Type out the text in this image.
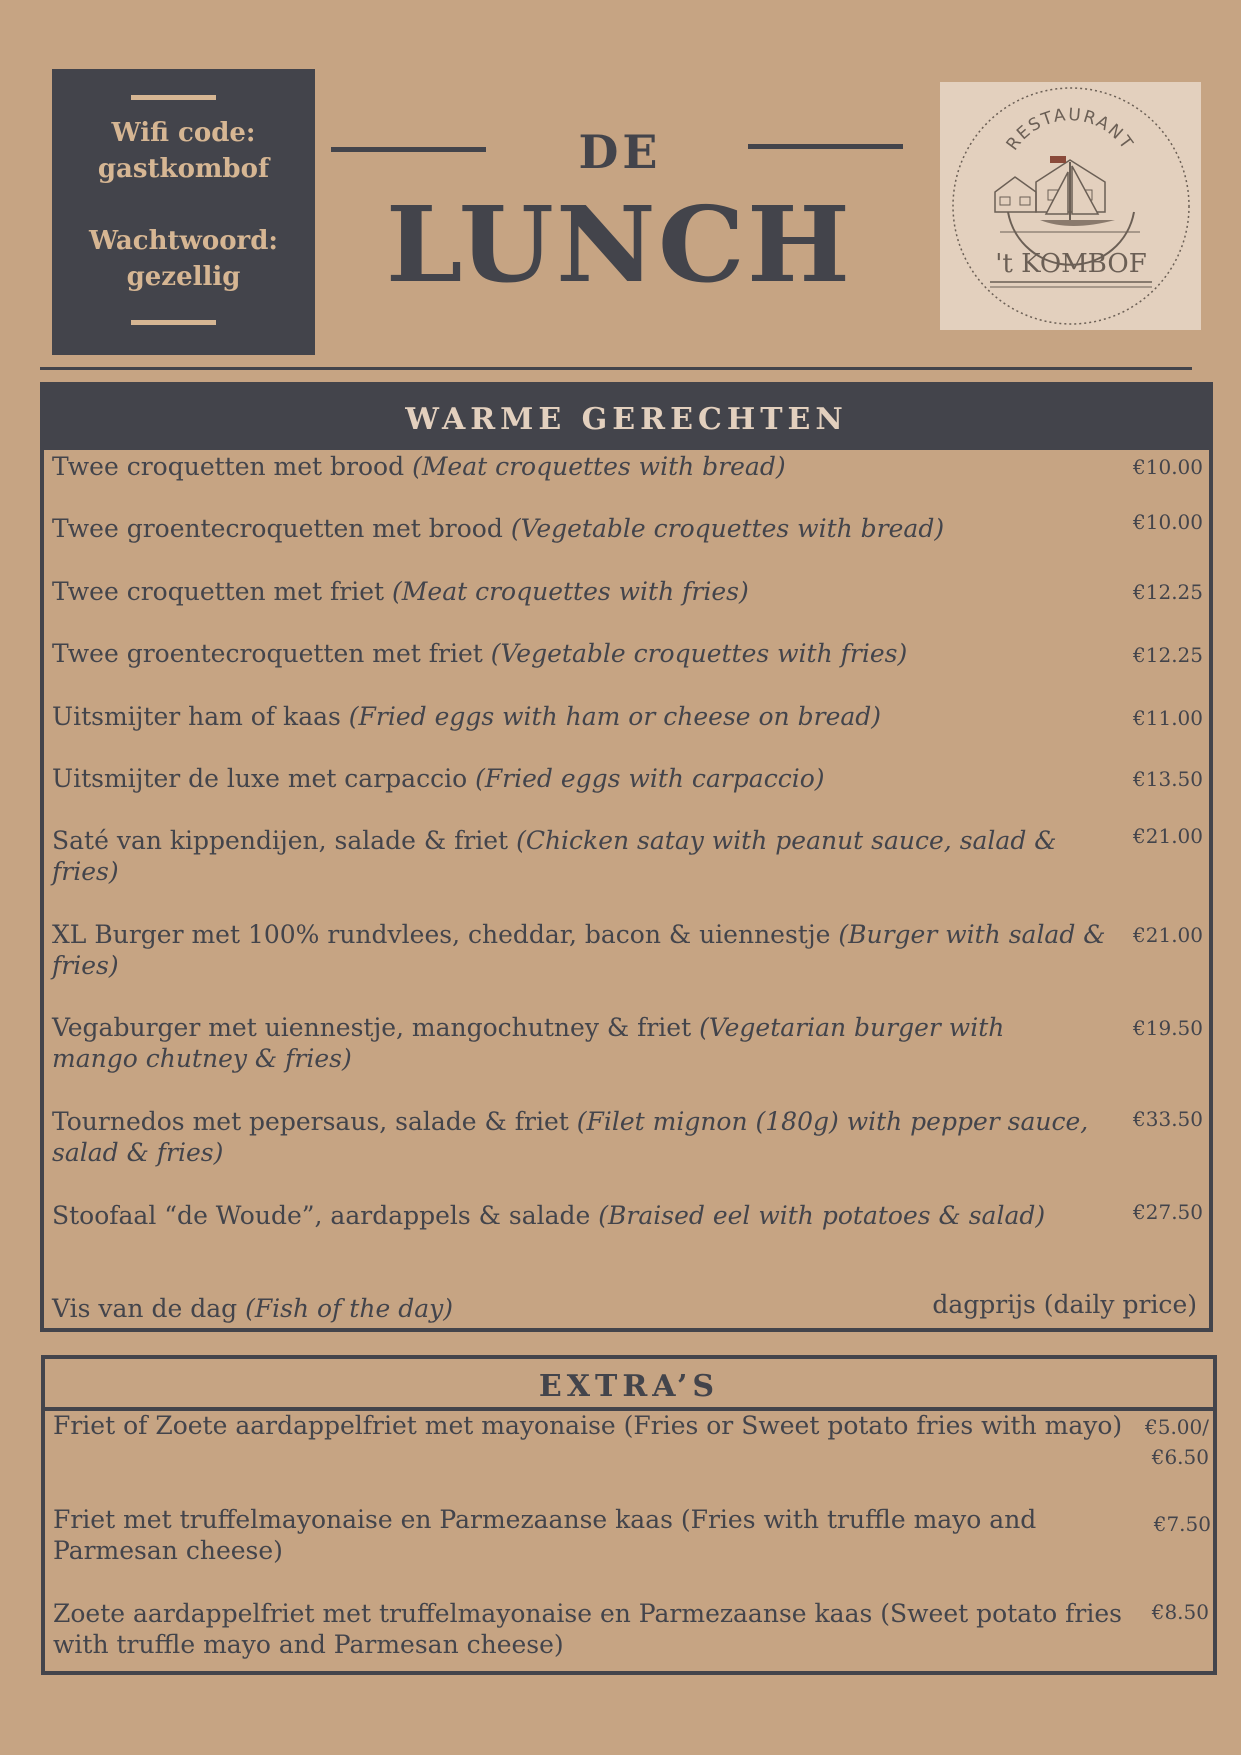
Wifi code:
gastkombof
Wachtwoord:
gezellig
DE
LUNCH
RESTAURANT
't KOMBOF
WARME GERECHTEN
Twee croquetten met brood (Meat croquettes with bread)	€10.00
Twee groentecroquetten met brood (Vegetable croquettes with bread)	€10.00
Twee croquetten met friet (Meat croquettes with fries)	€12.25
Twee groentecroquetten met friet (Vegetable croquettes with fries)	€12.25
Uitsmijter ham of kaas (Fried eggs with ham or cheese on bread)	€11.00
Uitsmijter de luxe met carpaccio (Fried eggs with carpaccio)	€13.50
Saté van kippendijen, salade & friet (Chicken satay with peanut sauce, salad & fries)
€21.00
XL Burger met 100% rundvlees, cheddar, bacon & uiennestje (Burger with salad & fries)
€21.00
Vegaburger met uiennestje, mangochutney & friet (Vegetarian burger with mango chutney & fries)
€19.50
Tournedos met pepersaus, salade & friet (Filet mignon (180g) with pepper sauce, salad & fries)
€33.50
Stoofaal “de Woude”, aardappels & salade (Braised eel with potatoes & salad)	€27.50
Vis van de dag (Fish of the day)	dagprijs (daily price)
EXTRA’S
Friet of Zoete aardappelfriet met mayonaise (Fries or Sweet potato fries with mayo) €5.00/
€6.50
Friet met truffelmayonaise en Parmezaanse kaas (Fries with truffle mayo and Parmesan cheese)
€7.50
Zoete aardappelfriet met truffelmayonaise en Parmezaanse kaas (Sweet potato fries with truffle mayo and Parmesan cheese)
€8.50
